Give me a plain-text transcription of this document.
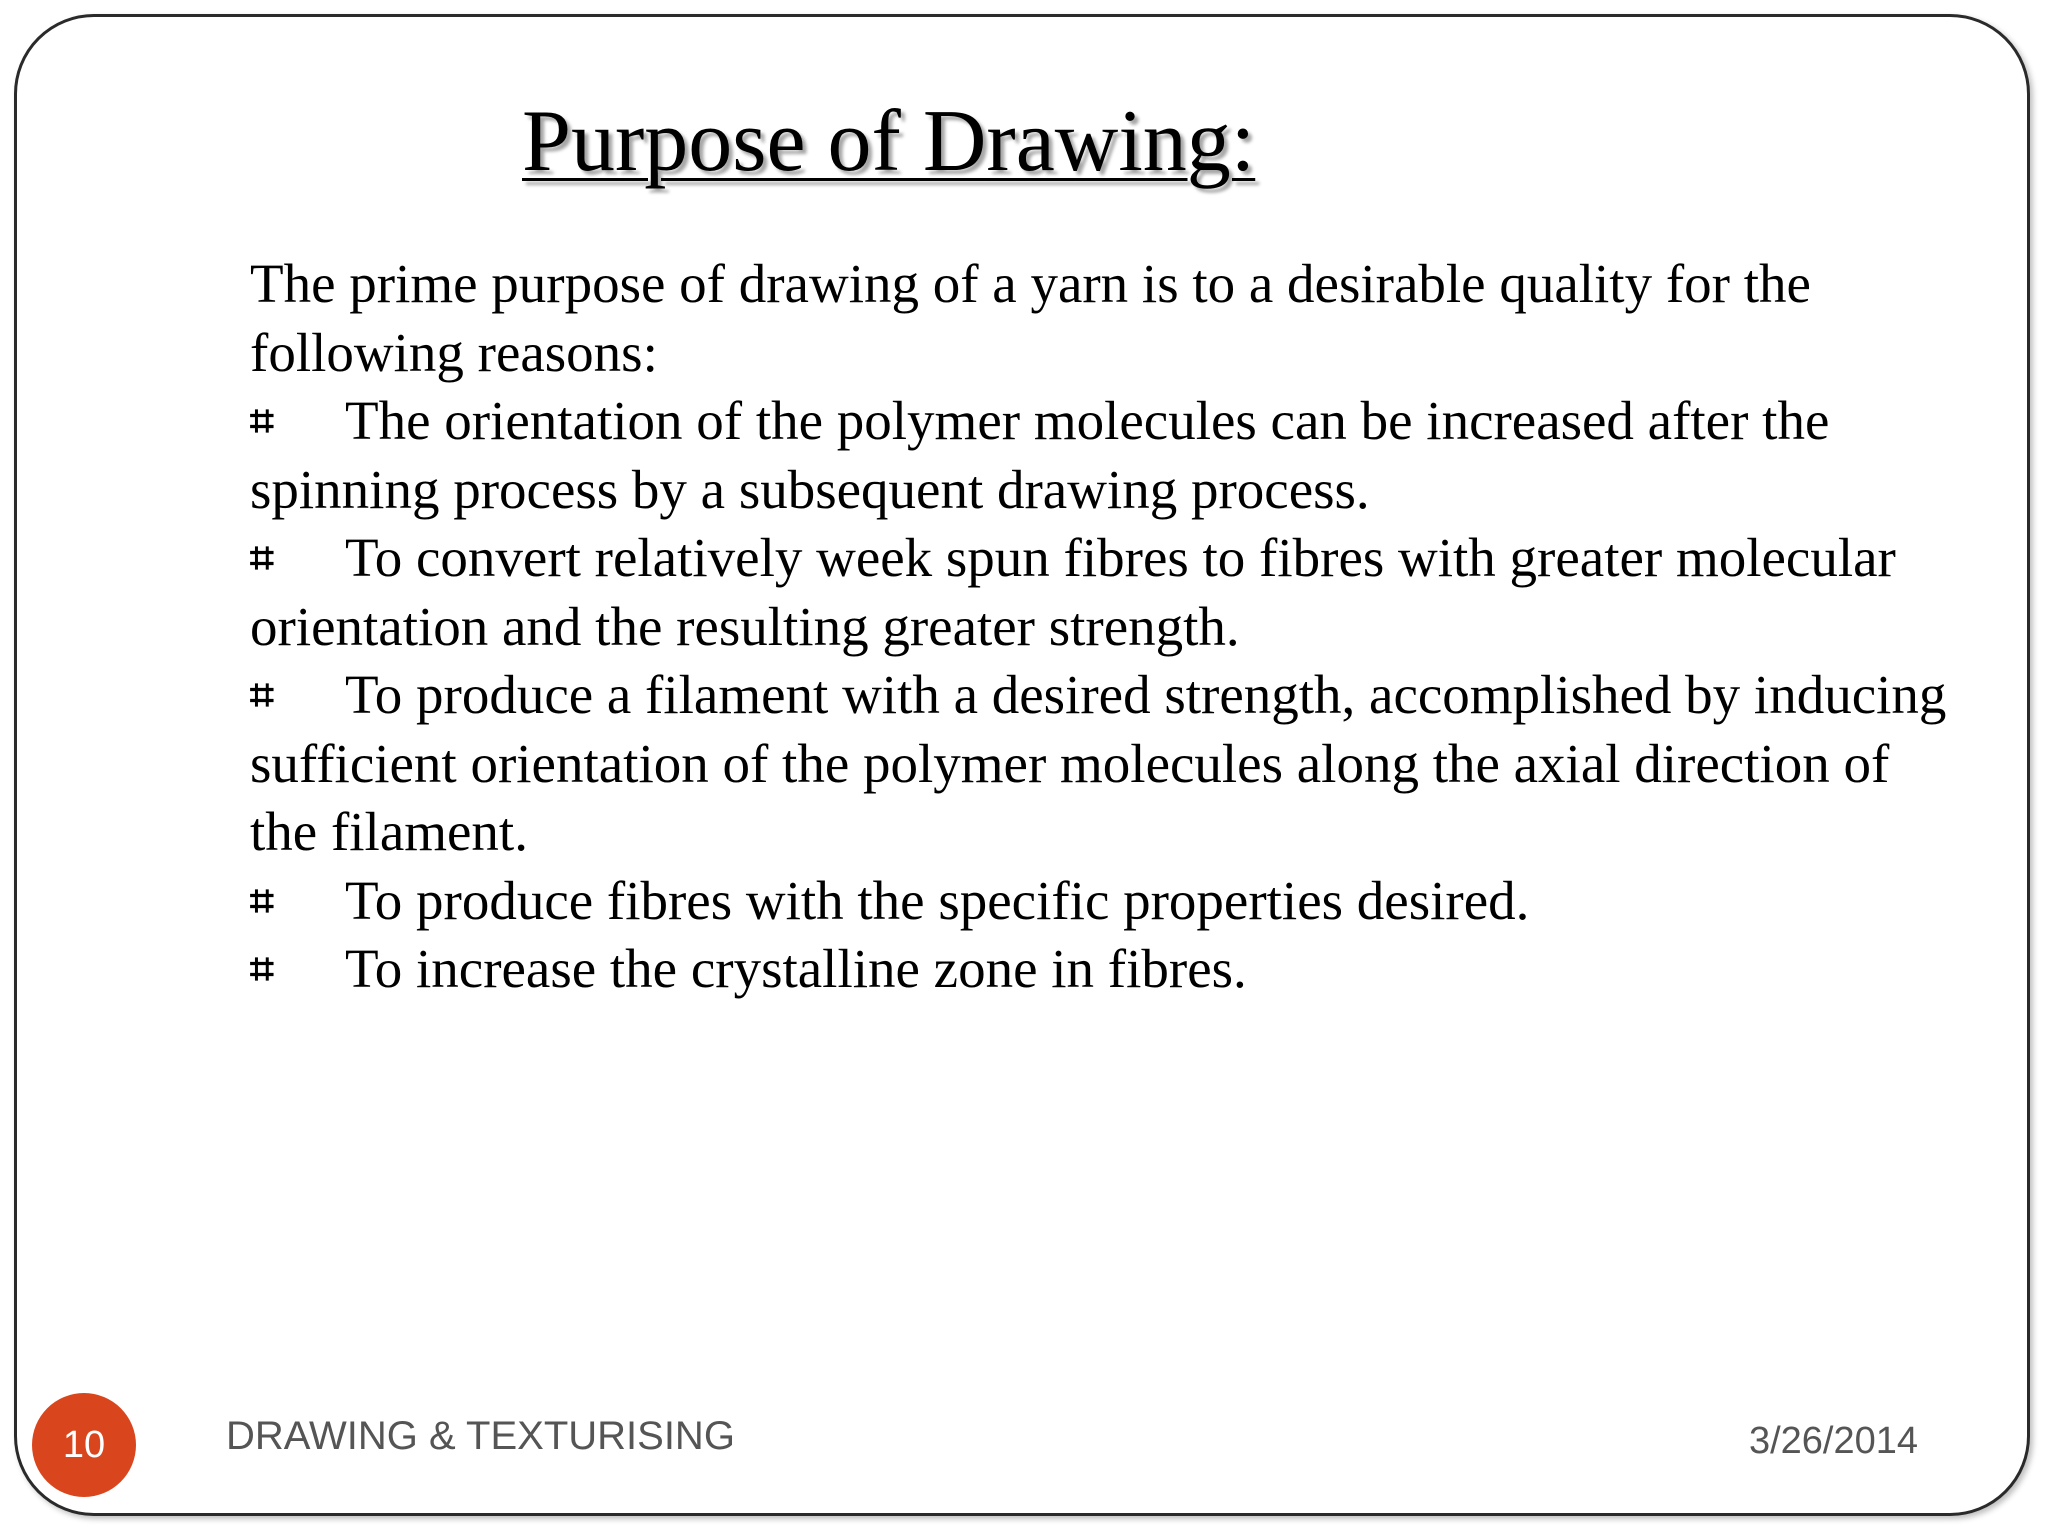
Purpose of Drawing:

The prime purpose of drawing of a yarn is to a desirable quality for the following reasons:

⌗ The orientation of the polymer molecules can be increased after the spinning process by a subsequent drawing process.

⌗ To convert relatively week spun fibres to fibres with greater molecular orientation and the resulting greater strength.

⌗ To produce a filament with a desired strength, accomplished by inducing sufficient orientation of the polymer molecules along the axial direction of the filament.

⌗ To produce fibres with the specific properties desired.

⌗ To increase the crystalline zone in fibres.

10	DRAWING & TEXTURISING	3/26/2014
